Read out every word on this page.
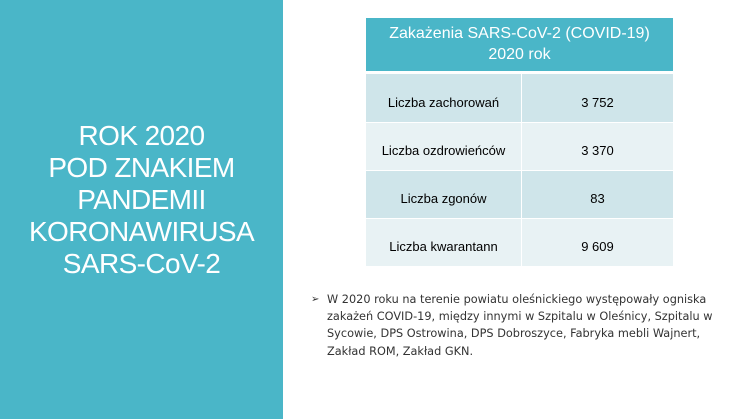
ROK 2020
POD ZNAKIEM
PANDEMII
KORONAWIRUSA
SARS-CoV-2
Zakażenia SARS-CoV-2 (COVID-19)
2020 rok
Liczba zachorowań	3 752
Liczba ozdrowieńców	3 370
Liczba zgonów	83
Liczba kwarantann	9 609
➢ W 2020 roku na terenie powiatu oleśnickiego występowały ogniska zakażeń COVID-19, między innymi w Szpitalu w Oleśnicy, Szpitalu w Sycowie, DPS Ostrowina, DPS Dobroszyce, Fabryka mebli Wajnert, Zakład ROM, Zakład GKN.
